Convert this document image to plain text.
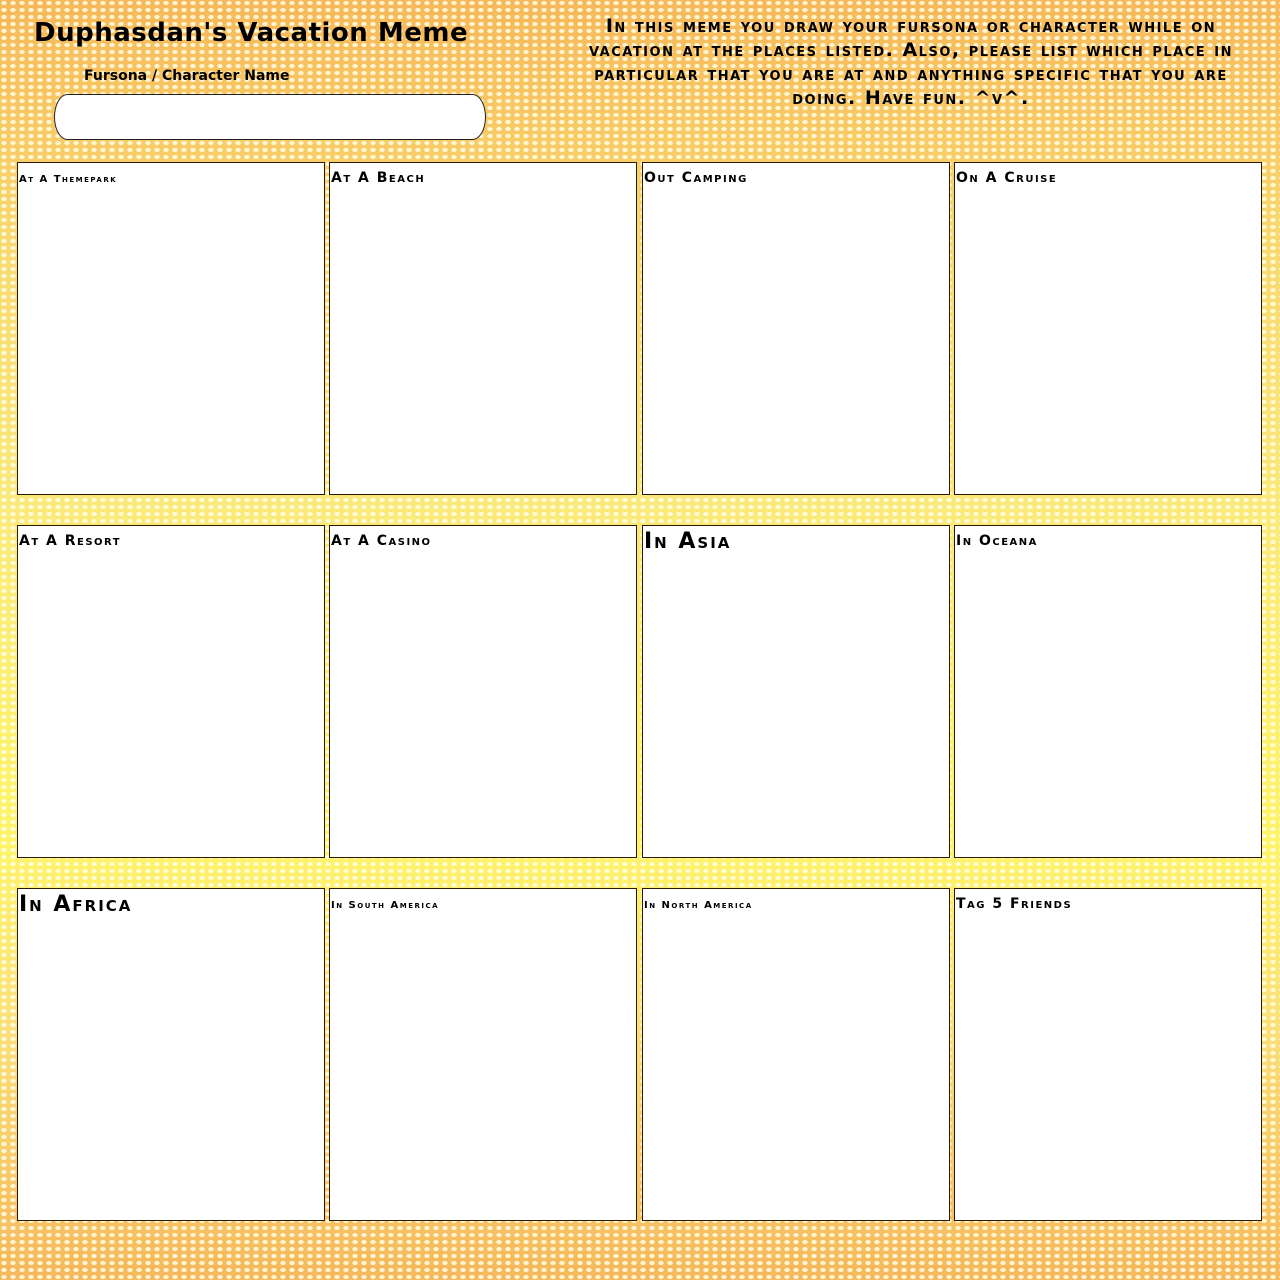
Duphasdan's Vacation Meme
Fursona / Character Name
In this meme you draw your fursona or character while on vacation at the places listed. Also, please list which place in particular that you are at and anything specific that you are doing. Have fun. ^v^.
At A Themepark	At A Beach	Out Camping	On A Cruise
At A Resort	At A Casino	In Asia	In Oceana
In Africa	In South America	In North America	Tag 5 Friends
